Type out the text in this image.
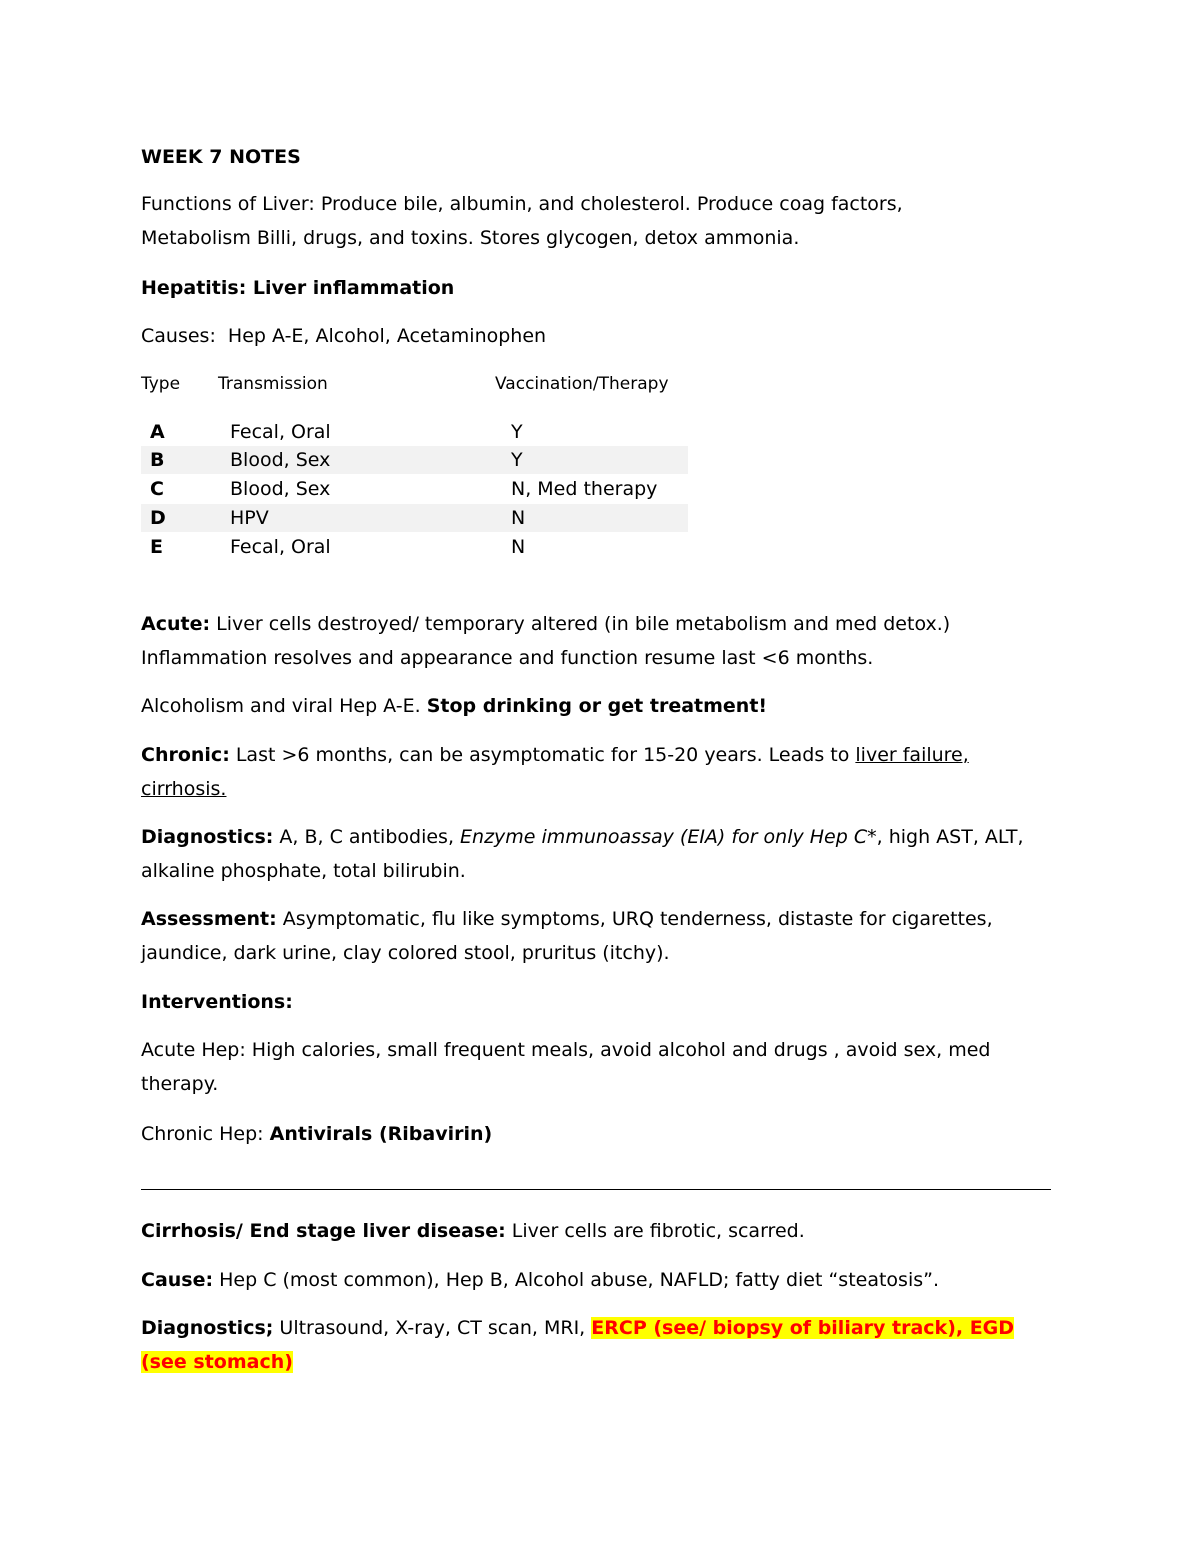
WEEK 7 NOTES

Functions of Liver: Produce bile, albumin, and cholesterol. Produce coag factors,
Metabolism Billi, drugs, and toxins. Stores glycogen, detox ammonia.

Hepatitis: Liver inflammation

Causes:  Hep A-E, Alcohol, Acetaminophen

Type Transmission	Vaccination/Therapy
A	Fecal, Oral	Y
B	Blood, Sex	Y
C	Blood, Sex	N, Med therapy
D	HPV	N
E	Fecal, Oral	N

Acute: Liver cells destroyed/ temporary altered (in bile metabolism and med detox.)
Inflammation resolves and appearance and function resume last <6 months.

Alcoholism and viral Hep A-E. Stop drinking or get treatment!

Chronic: Last >6 months, can be asymptomatic for 15-20 years. Leads to liver failure,
cirrhosis.

Diagnostics: A, B, C antibodies, Enzyme immunoassay (EIA) for only Hep C*, high AST, ALT,
alkaline phosphate, total bilirubin.

Assessment: Asymptomatic, flu like symptoms, URQ tenderness, distaste for cigarettes,
jaundice, dark urine, clay colored stool, pruritus (itchy).

Interventions:

Acute Hep: High calories, small frequent meals, avoid alcohol and drugs , avoid sex, med
therapy.

Chronic Hep: Antivirals (Ribavirin)

Cirrhosis/ End stage liver disease: Liver cells are fibrotic, scarred.

Cause: Hep C (most common), Hep B, Alcohol abuse, NAFLD; fatty diet “steatosis”.

Diagnostics; Ultrasound, X-ray, CT scan, MRI, ERCP (see/ biopsy of biliary track), EGD
(see stomach)
